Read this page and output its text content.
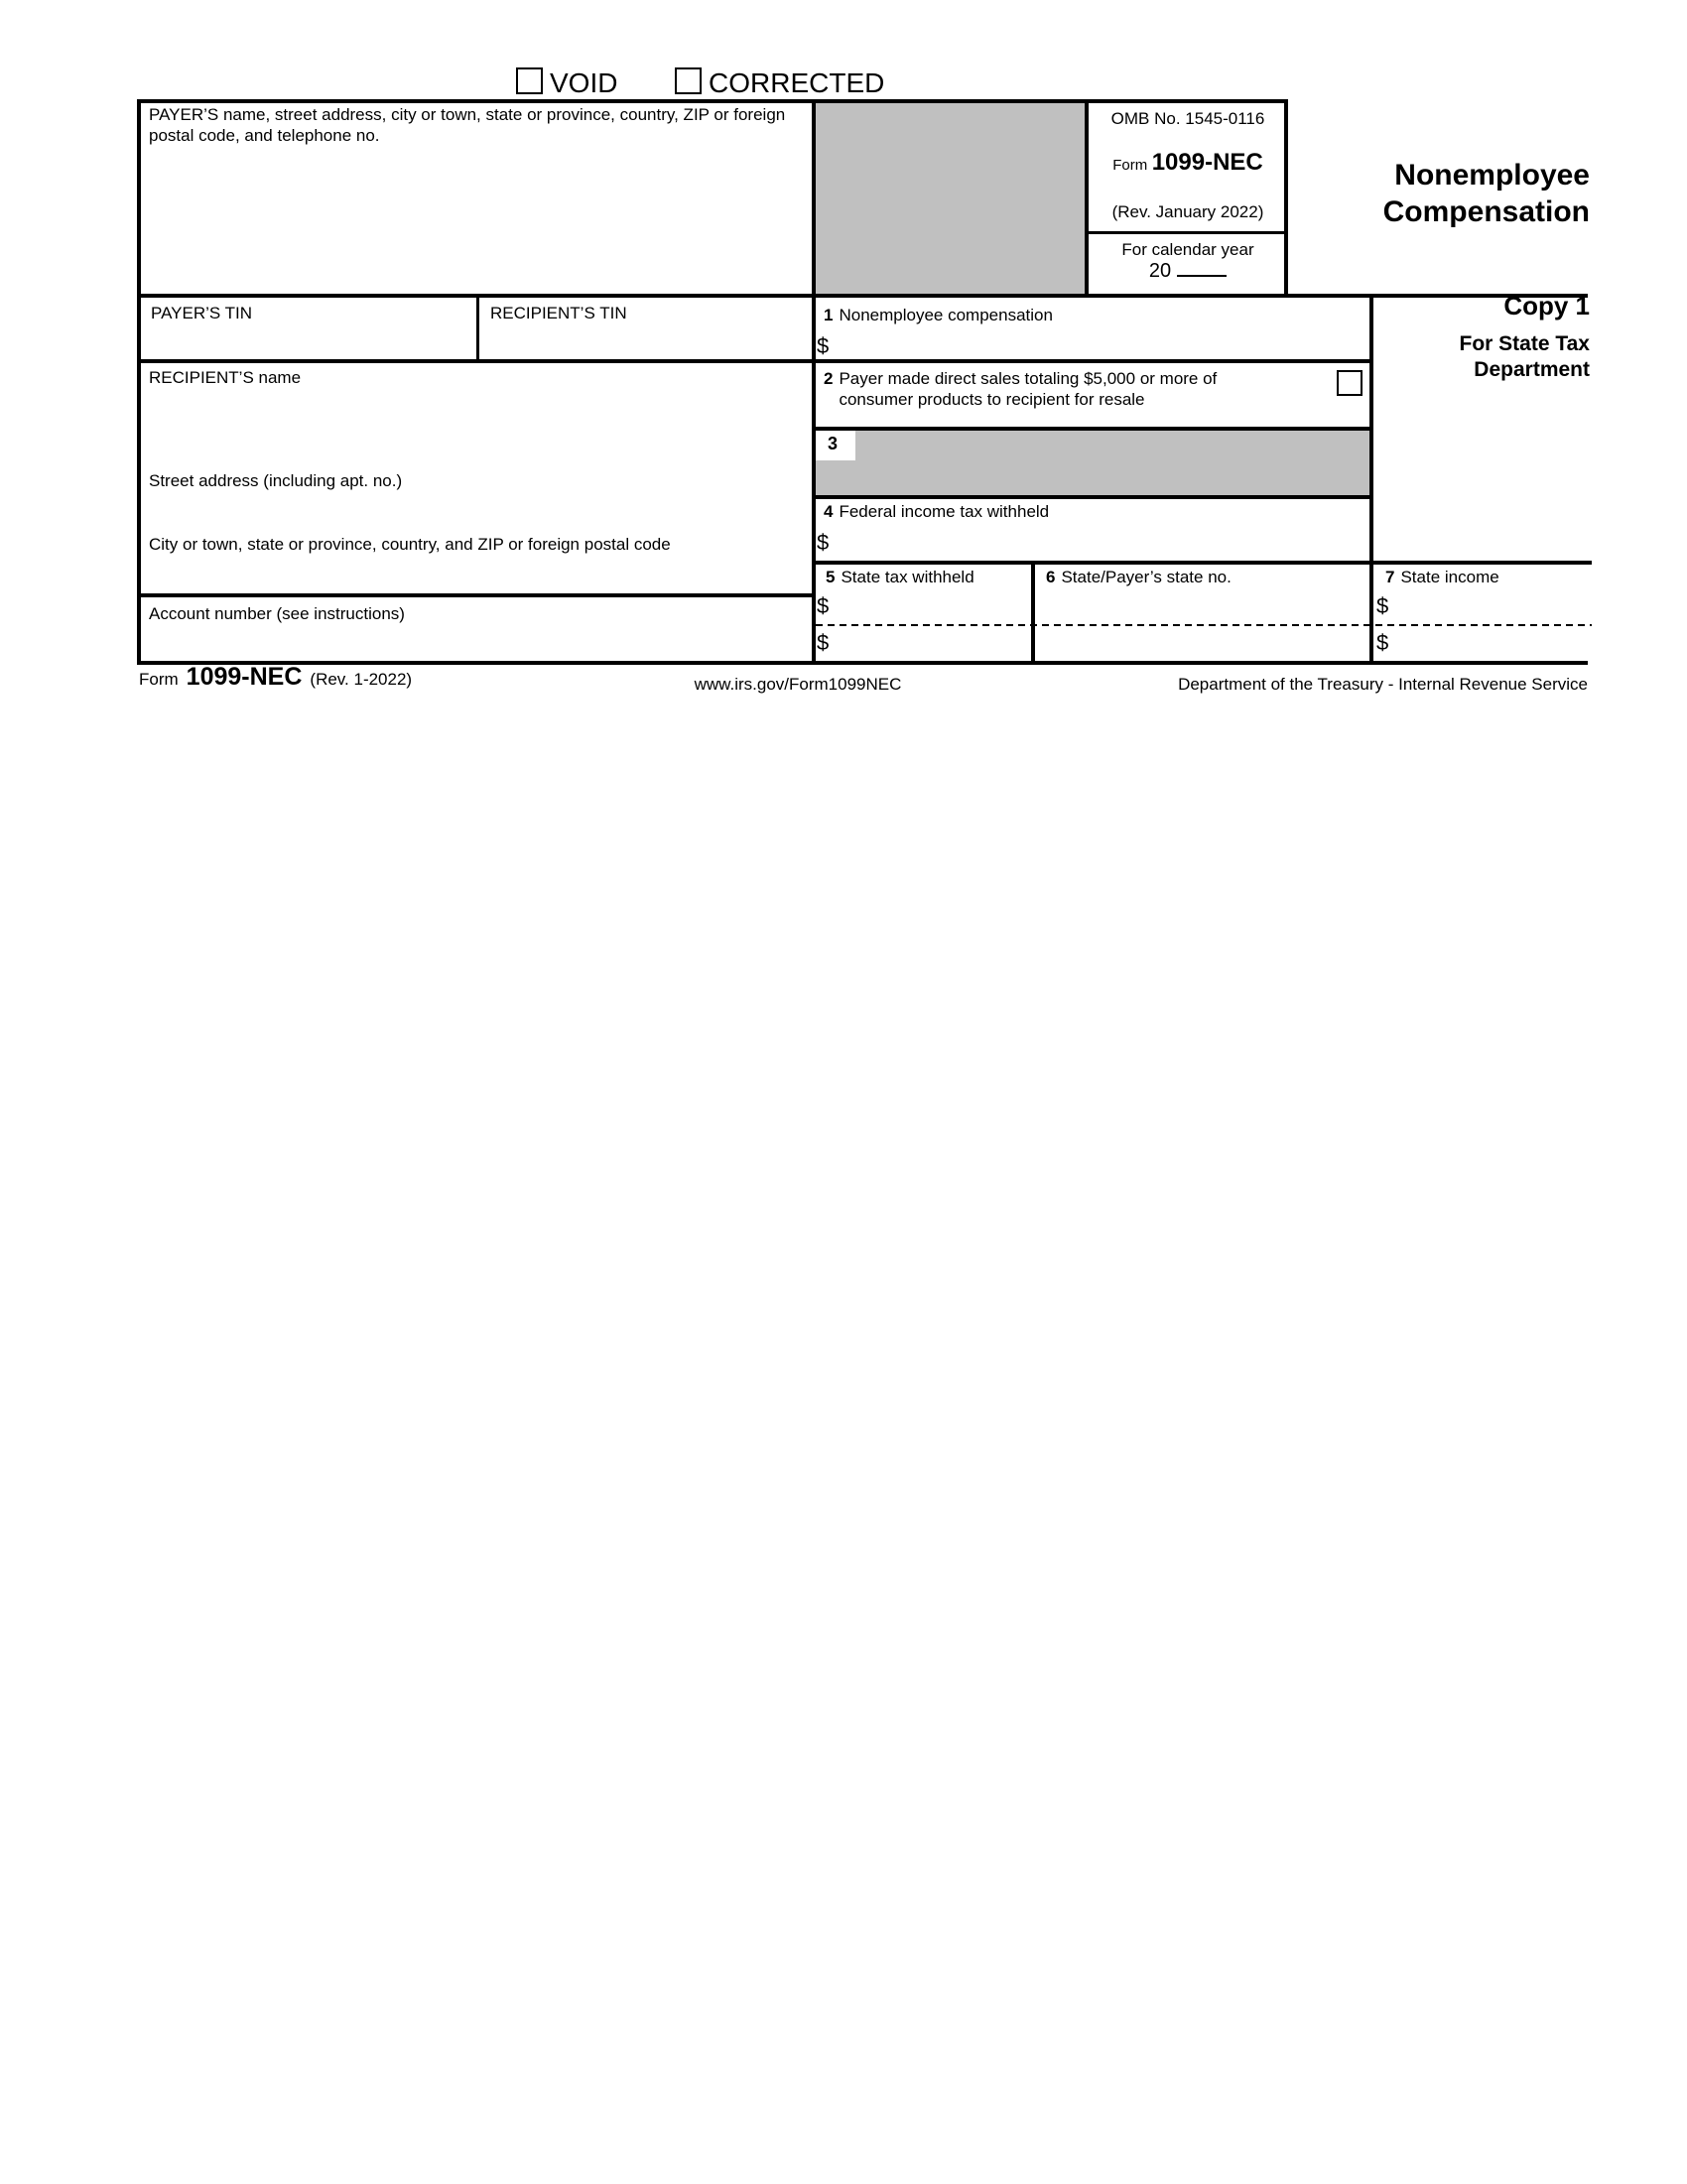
VOID	CORRECTED
PAYER’S name, street address, city or town, state or province, country, ZIP or foreign postal code, and telephone no.
OMB No. 1545-0116
Form 1099-NEC
(Rev. January 2022)
For calendar year
20
Nonemployee
Compensation
PAYER’S TIN	RECIPIENT’S TIN
RECIPIENT’S name
Street address (including apt. no.)
City or town, state or province, country, and ZIP or foreign postal code
Account number (see instructions)
1 Nonemployee compensation
$
2 Payer made direct sales totaling $5,000 or more of consumer products to recipient for resale
3
4 Federal income tax withheld
$
5 State tax withheld
$
$
6 State/Payer’s state no.	7 State income
$
$
Copy 1
For State Tax
Department
Form 1099-NEC (Rev. 1-2022)	www.irs.gov/Form1099NEC	Department of the Treasury - Internal Revenue Service
